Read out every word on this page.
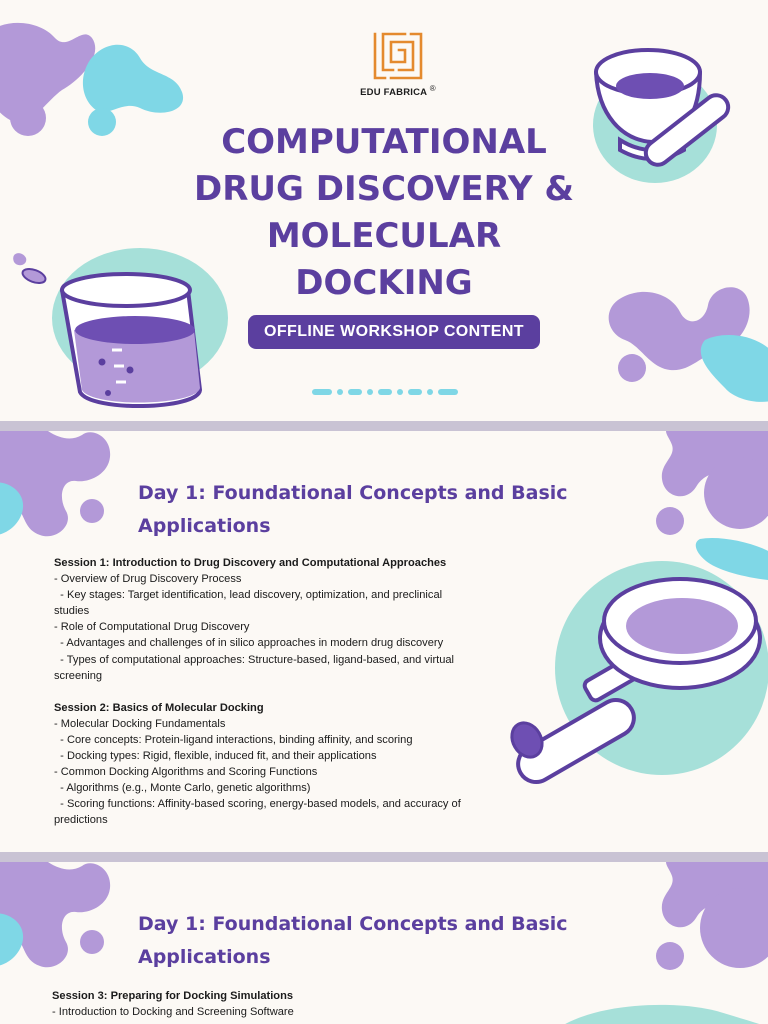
EDU FABRICA ®
COMPUTATIONAL
DRUG DISCOVERY &
MOLECULAR
DOCKING
OFFLINE WORKSHOP CONTENT
Day 1: Foundational Concepts and Basic
Applications
Session 1: Introduction to Drug Discovery and Computational Approaches
- Overview of Drug Discovery Process
- Key stages: Target identification, lead discovery, optimization, and preclinical
studies
- Role of Computational Drug Discovery
- Advantages and challenges of in silico approaches in modern drug discovery
- Types of computational approaches: Structure-based, ligand-based, and virtual
screening
Session 2: Basics of Molecular Docking
- Molecular Docking Fundamentals
- Core concepts: Protein-ligand interactions, binding affinity, and scoring
- Docking types: Rigid, flexible, induced fit, and their applications
- Common Docking Algorithms and Scoring Functions
- Algorithms (e.g., Monte Carlo, genetic algorithms)
- Scoring functions: Affinity-based scoring, energy-based models, and accuracy of
predictions
Day 1: Foundational Concepts and Basic
Applications
Session 3: Preparing for Docking Simulations
- Introduction to Docking and Screening Software
